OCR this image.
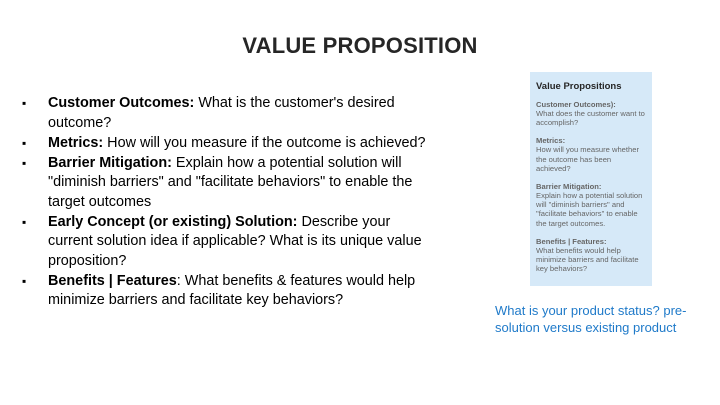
VALUE PROPOSITION
▪ Customer Outcomes: What is the customer's desired outcome?
▪ Metrics: How will you measure if the outcome is achieved?
▪ Barrier Mitigation: Explain how a potential solution will "diminish barriers" and "facilitate behaviors" to enable the target outcomes
▪ Early Concept (or existing) Solution: Describe your current solution idea if applicable? What is its unique value proposition?
▪ Benefits | Features: What benefits & features would help minimize barriers and facilitate key behaviors?
Value Propositions
Customer Outcomes):
What does the customer want to accomplish?
Metrics:
How will you measure whether the outcome has been achieved?
Barrier Mitigation:
Explain how a potential solution will "diminish barriers" and "facilitate behaviors" to enable the target outcomes.
Benefits | Features:
What benefits would help minimize barriers and facilitate key behaviors?
What is your product status? pre-solution versus existing product
